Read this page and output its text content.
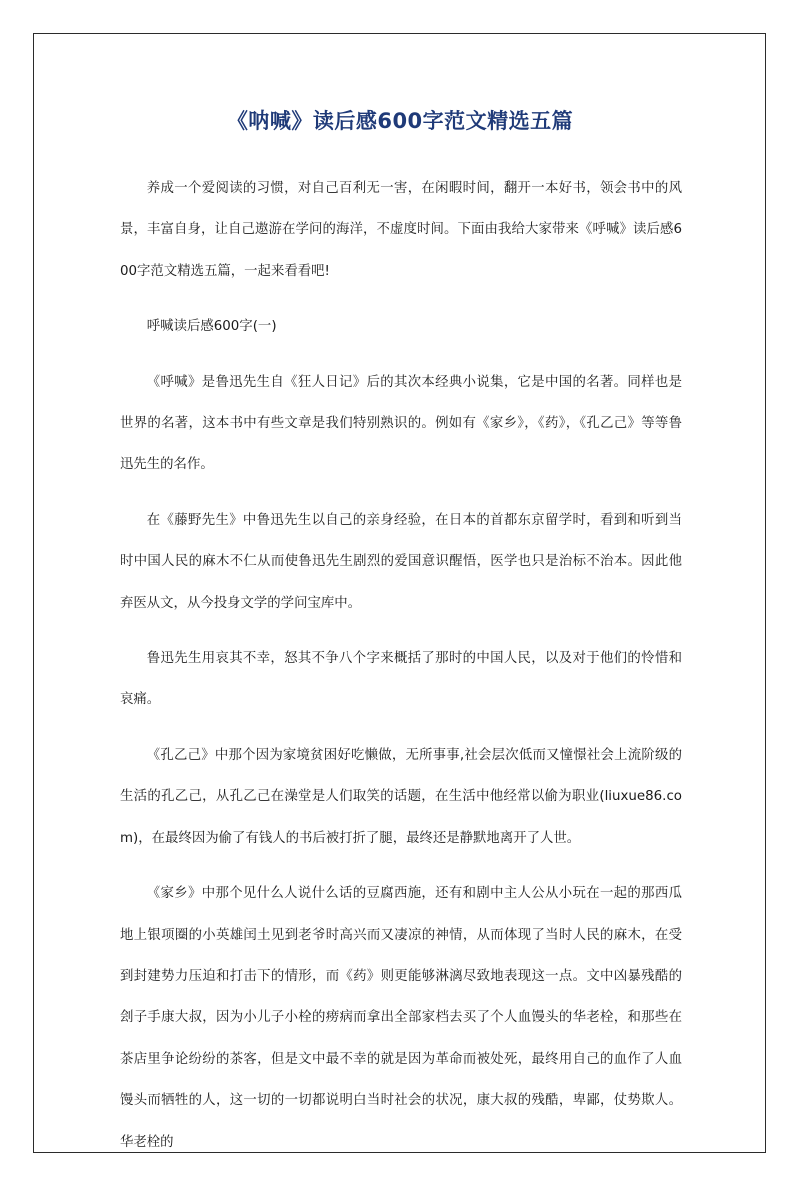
《呐喊》读后感600字范文精选五篇

养成一个爱阅读的习惯，对自己百利无一害，在闲暇时间，翻开一本好书，领会书中的风景，丰富自身，让自己遨游在学问的海洋，不虚度时间。下面由我给大家带来《呼喊》读后感600字范文精选五篇，一起来看看吧!

呼喊读后感600字(一)

《呼喊》是鲁迅先生自《狂人日记》后的其次本经典小说集，它是中国的名著。同样也是世界的名著，这本书中有些文章是我们特别熟识的。例如有《家乡》，《药》，《孔乙己》等等鲁迅先生的名作。

在《藤野先生》中鲁迅先生以自己的亲身经验，在日本的首都东京留学时，看到和听到当时中国人民的麻木不仁从而使鲁迅先生剧烈的爱国意识醒悟，医学也只是治标不治本。因此他弃医从文，从今投身文学的学问宝库中。

鲁迅先生用哀其不幸，怒其不争八个字来概括了那时的中国人民，以及对于他们的怜惜和哀痛。

《孔乙己》中那个因为家境贫困好吃懒做，无所事事,社会层次低而又憧憬社会上流阶级的生活的孔乙己，从孔乙己在澡堂是人们取笑的话题，在生活中他经常以偷为职业(liuxue86.com)，在最终因为偷了有钱人的书后被打折了腿，最终还是静默地离开了人世。

《家乡》中那个见什么人说什么话的豆腐西施，还有和剧中主人公从小玩在一起的那西瓜地上银项圈的小英雄闰土见到老爷时高兴而又凄凉的神情，从而体现了当时人民的麻木，在受到封建势力压迫和打击下的情形，而《药》则更能够淋漓尽致地表现这一点。文中凶暴残酷的刽子手康大叔，因为小儿子小栓的痨病而拿出全部家档去买了个人血馒头的华老栓，和那些在茶店里争论纷纷的茶客，但是文中最不幸的就是因为革命而被处死，最终用自己的血作了人血馒头而牺牲的人，这一切的一切都说明白当时社会的状况，康大叔的残酷，卑鄙，仗势欺人。华老栓的
